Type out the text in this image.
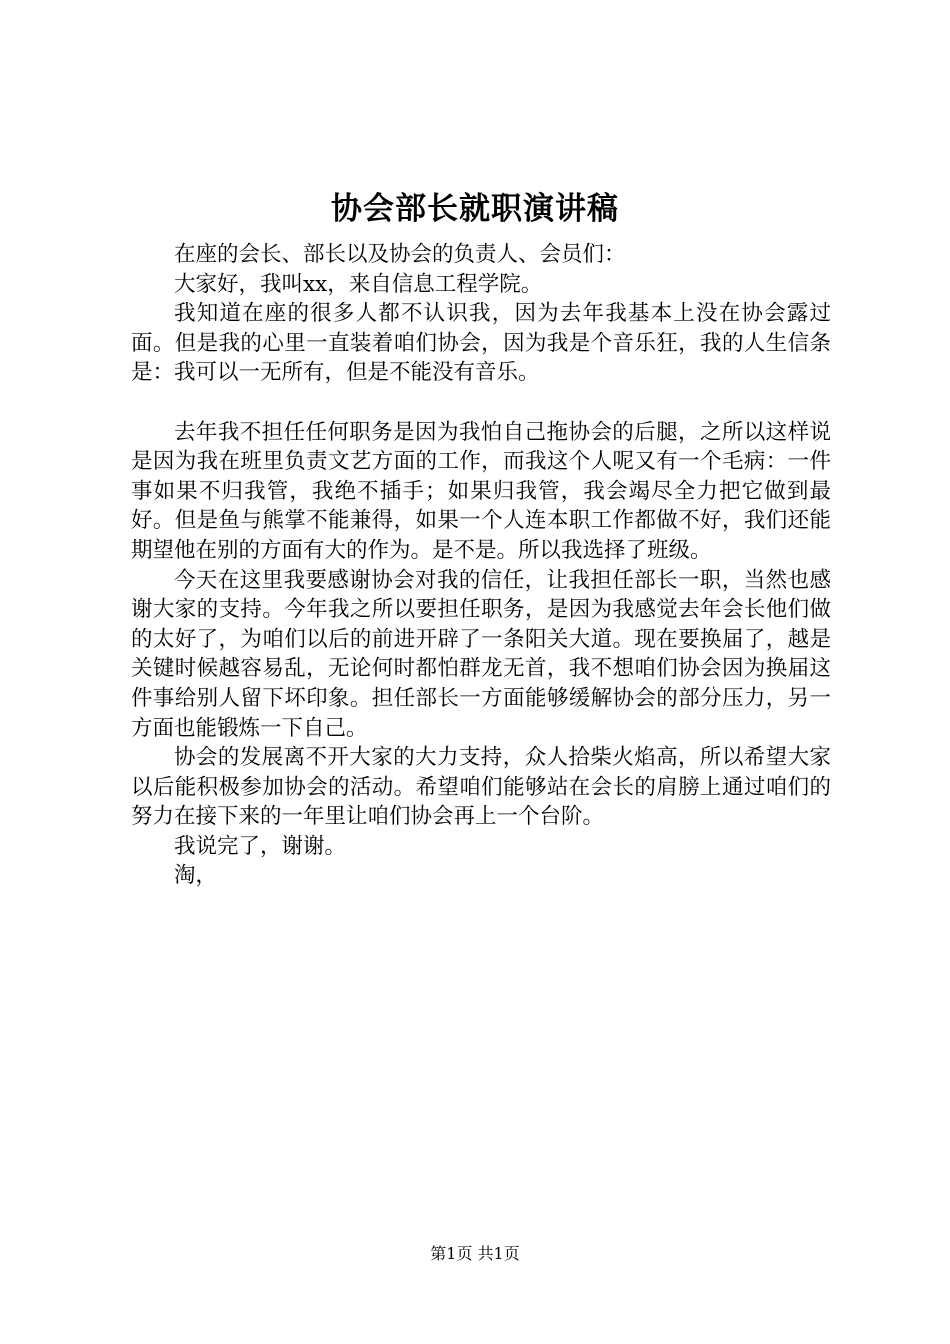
协会部长就职演讲稿

在座的会长、部长以及协会的负责人、会员们：

大家好，我叫xx，来自信息工程学院。

我知道在座的很多人都不认识我，因为去年我基本上没在协会露过面。但是我的心里一直装着咱们协会，因为我是个音乐狂，我的人生信条是：我可以一无所有，但是不能没有音乐。

去年我不担任任何职务是因为我怕自己拖协会的后腿，之所以这样说是因为我在班里负责文艺方面的工作，而我这个人呢又有一个毛病：一件事如果不归我管，我绝不插手；如果归我管，我会竭尽全力把它做到最好。但是鱼与熊掌不能兼得，如果一个人连本职工作都做不好，我们还能期望他在别的方面有大的作为。是不是。所以我选择了班级。

今天在这里我要感谢协会对我的信任，让我担任部长一职，当然也感谢大家的支持。今年我之所以要担任职务，是因为我感觉去年会长他们做的太好了，为咱们以后的前进开辟了一条阳关大道。现在要换届了，越是关键时候越容易乱，无论何时都怕群龙无首，我不想咱们协会因为换届这件事给别人留下坏印象。担任部长一方面能够缓解协会的部分压力，另一方面也能锻炼一下自己。

协会的发展离不开大家的大力支持，众人拾柴火焰高，所以希望大家以后能积极参加协会的活动。希望咱们能够站在会长的肩膀上通过咱们的努力在接下来的一年里让咱们协会再上一个台阶。

我说完了，谢谢。

淘，

第1页 共1页
